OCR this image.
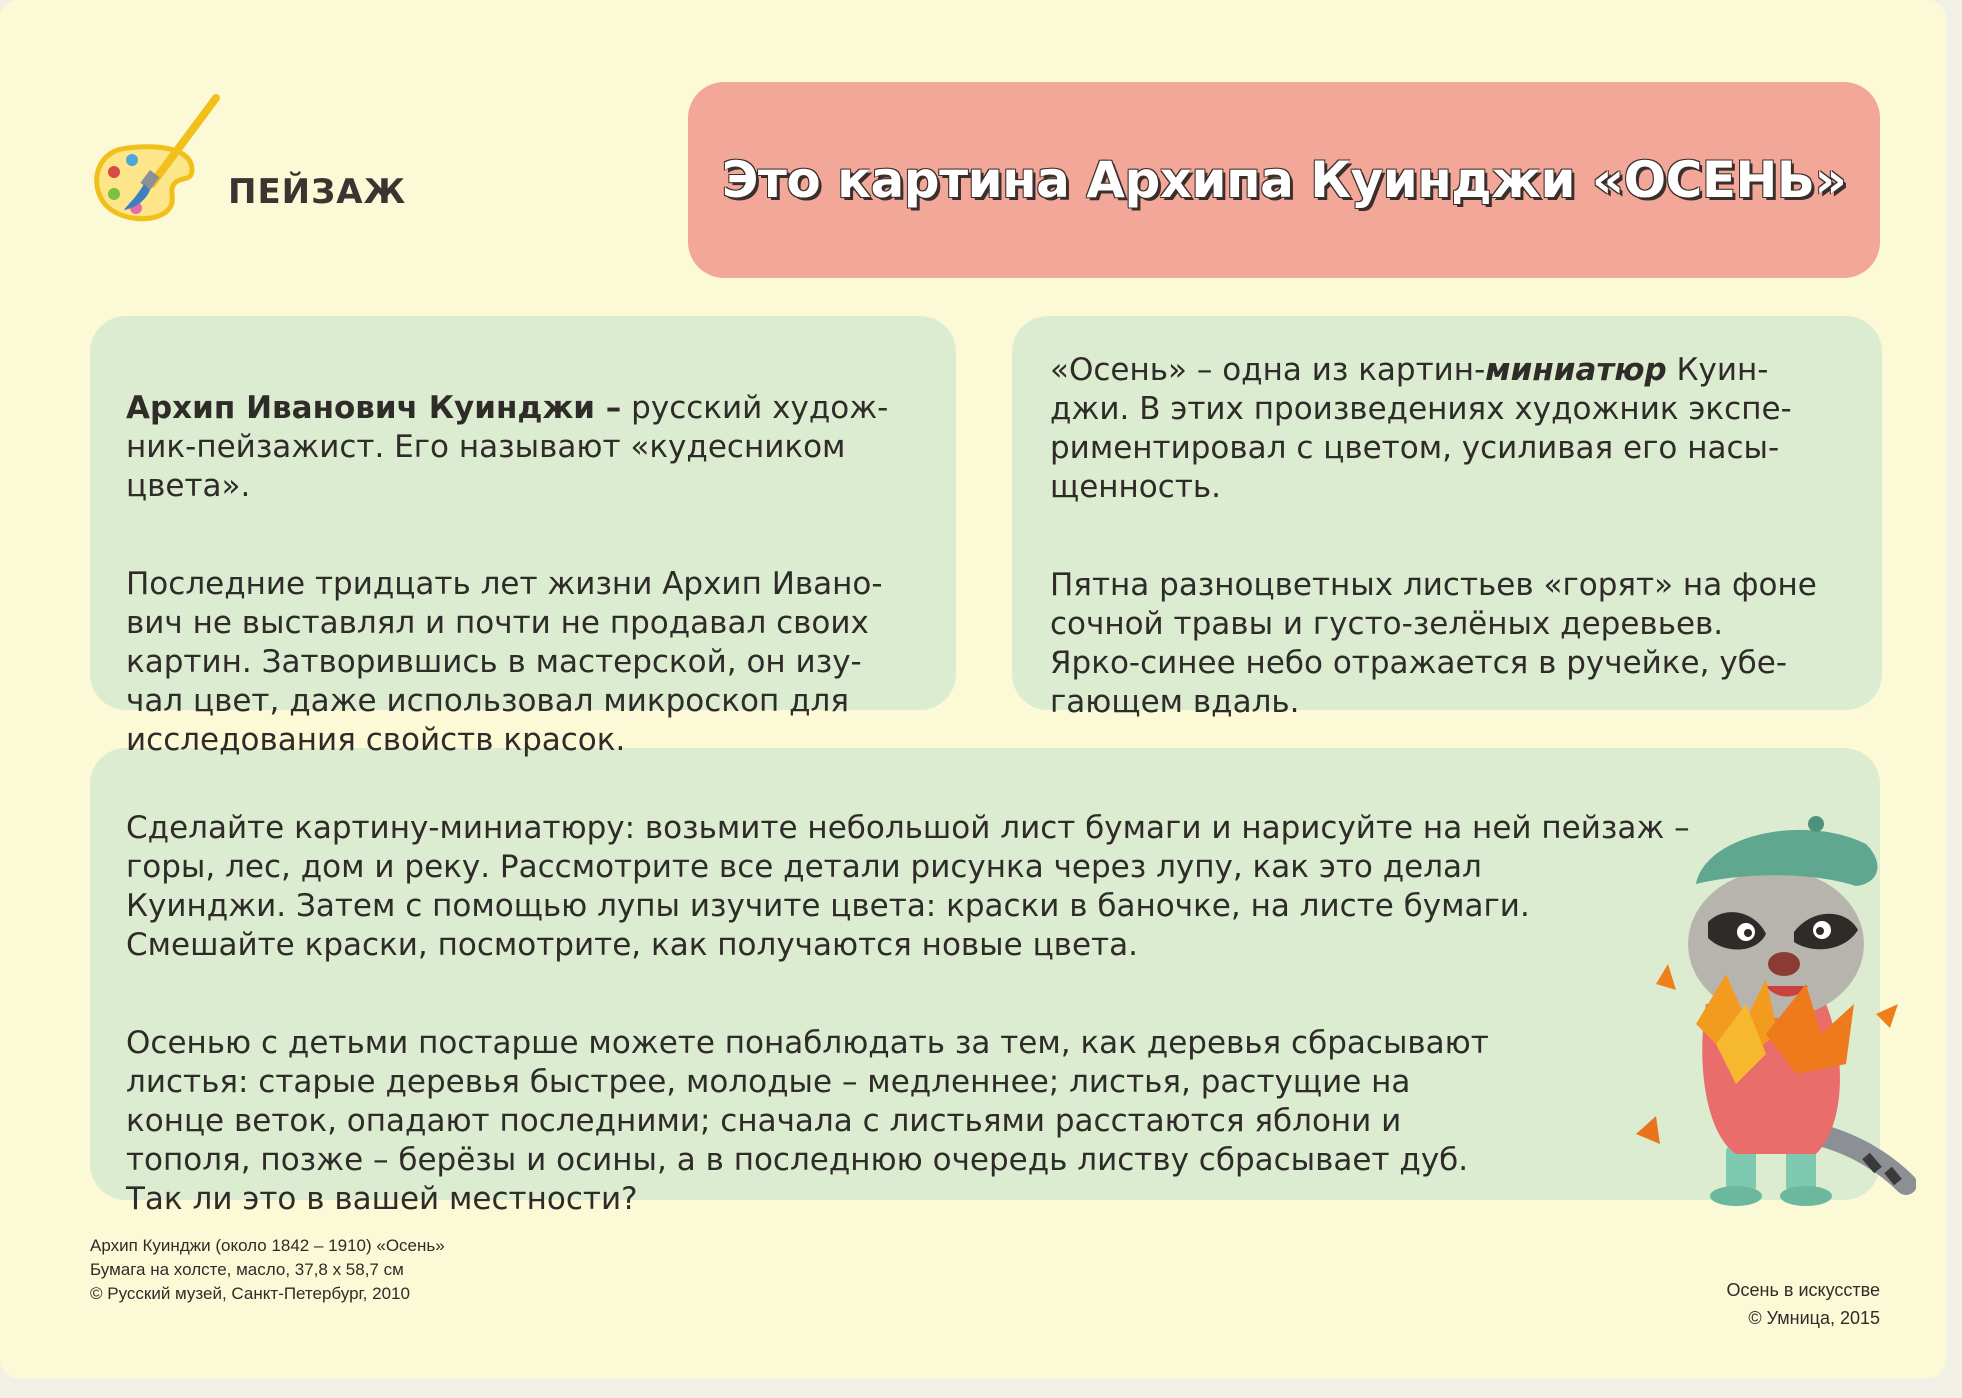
ПЕЙЗАЖ	Это картина Архипа Куинджи «ОСЕНЬ»

Архип Иванович Куинджи – русский худож-
ник-пейзажист. Его называют «кудесником
цвета».

Последние тридцать лет жизни Архип Ивано-
вич не выставлял и почти не продавал своих
картин. Затворившись в мастерской, он изу-
чал цвет, даже использовал микроскоп для
исследования свойств красок.

«Осень» – одна из картин-миниатюр Куин-
джи. В этих произведениях художник экспе-
риментировал с цветом, усиливая его насы-
щенность.

Пятна разноцветных листьев «горят» на фоне
сочной травы и густо-зелёных деревьев.
Ярко-синее небо отражается в ручейке, убе-
гающем вдаль.

Сделайте картину-миниатюру: возьмите небольшой лист бумаги и нарисуйте на ней пейзаж –
горы, лес, дом и реку. Рассмотрите все детали рисунка через лупу, как это делал
Куинджи. Затем с помощью лупы изучите цвета: краски в баночке, на листе бумаги.
Смешайте краски, посмотрите, как получаются новые цвета.

Осенью с детьми постарше можете понаблюдать за тем, как деревья сбрасывают
листья: старые деревья быстрее, молодые – медленнее; листья, растущие на
конце веток, опадают последними; сначала с листьями расстаются яблони и
тополя, позже – берёзы и осины, а в последнюю очередь листву сбрасывает дуб.
Так ли это в вашей местности?

Архип Куинджи (около 1842 – 1910) «Осень»
Бумага на холсте, масло, 37,8 x 58,7 см
© Русский музей, Санкт-Петербург, 2010	Осень в искусстве
© Умница, 2015
